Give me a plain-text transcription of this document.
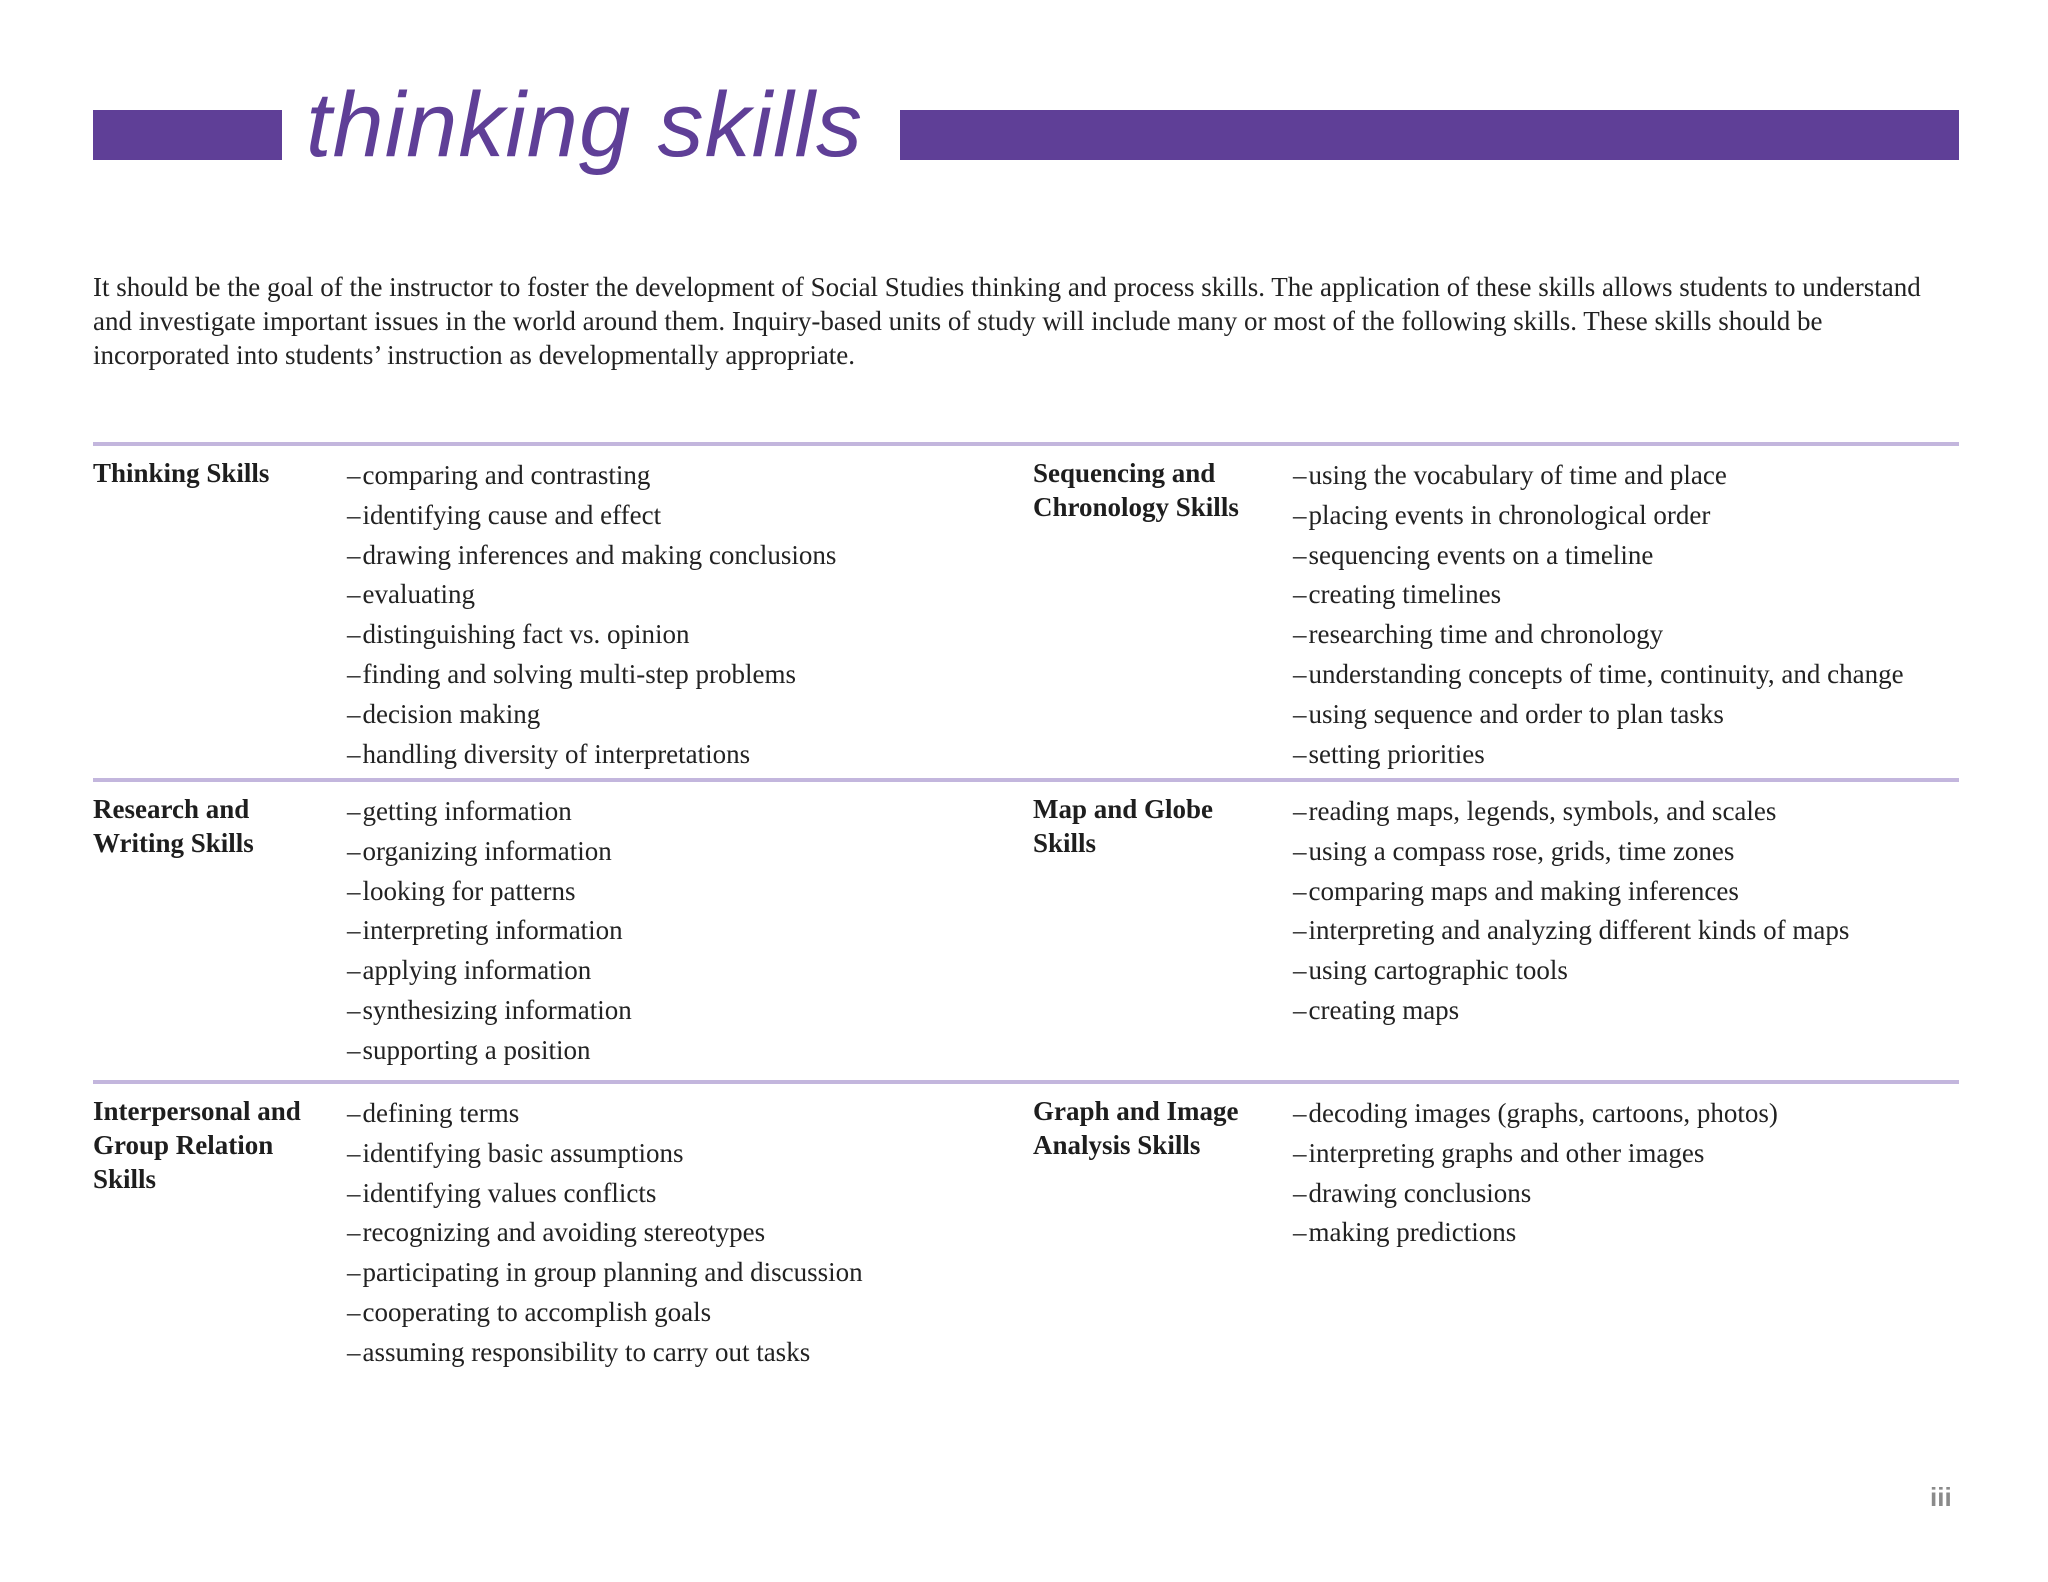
thinking skills

It should be the goal of the instructor to foster the development of Social Studies thinking and process skills. The application of these skills allows students to understand and investigate important issues in the world around them. Inquiry-based units of study will include many or most of the following skills. These skills should be incorporated into students’ instruction as developmentally appropriate.

Thinking Skills

–	comparing and contrasting
– identifying cause and effect
– drawing inferences and making conclusions
– evaluating
– distinguishing fact vs. opinion
– finding and solving multi-step problems
– decision making
– handling diversity of interpretations

Sequencing and
Chronology Skills

– using the vocabulary of time and place
– placing events in chronological order
– sequencing events on a timeline
– creating timelines
– researching time and chronology
– understanding concepts of time, continuity, and change
– using sequence and order to plan tasks
– setting priorities

Research and
Writing Skills

– getting information
– organizing information
– looking for patterns
– interpreting information
– applying information
– synthesizing information
– supporting a position

Map and Globe
Skills

– reading maps, legends, symbols, and scales
– using a compass rose, grids, time zones
– comparing maps and making inferences
– interpreting and analyzing different kinds of maps
– using cartographic tools
– creating maps

Interpersonal and
Group Relation
Skills

– defining terms
– identifying basic assumptions
– identifying values conflicts
– recognizing and avoiding stereotypes
– participating in group planning and discussion
– cooperating to accomplish goals
– assuming responsibility to carry out tasks

Graph and Image
Analysis Skills

– decoding images (graphs, cartoons, photos)
– interpreting graphs and other images
– drawing conclusions
– making predictions

iii
